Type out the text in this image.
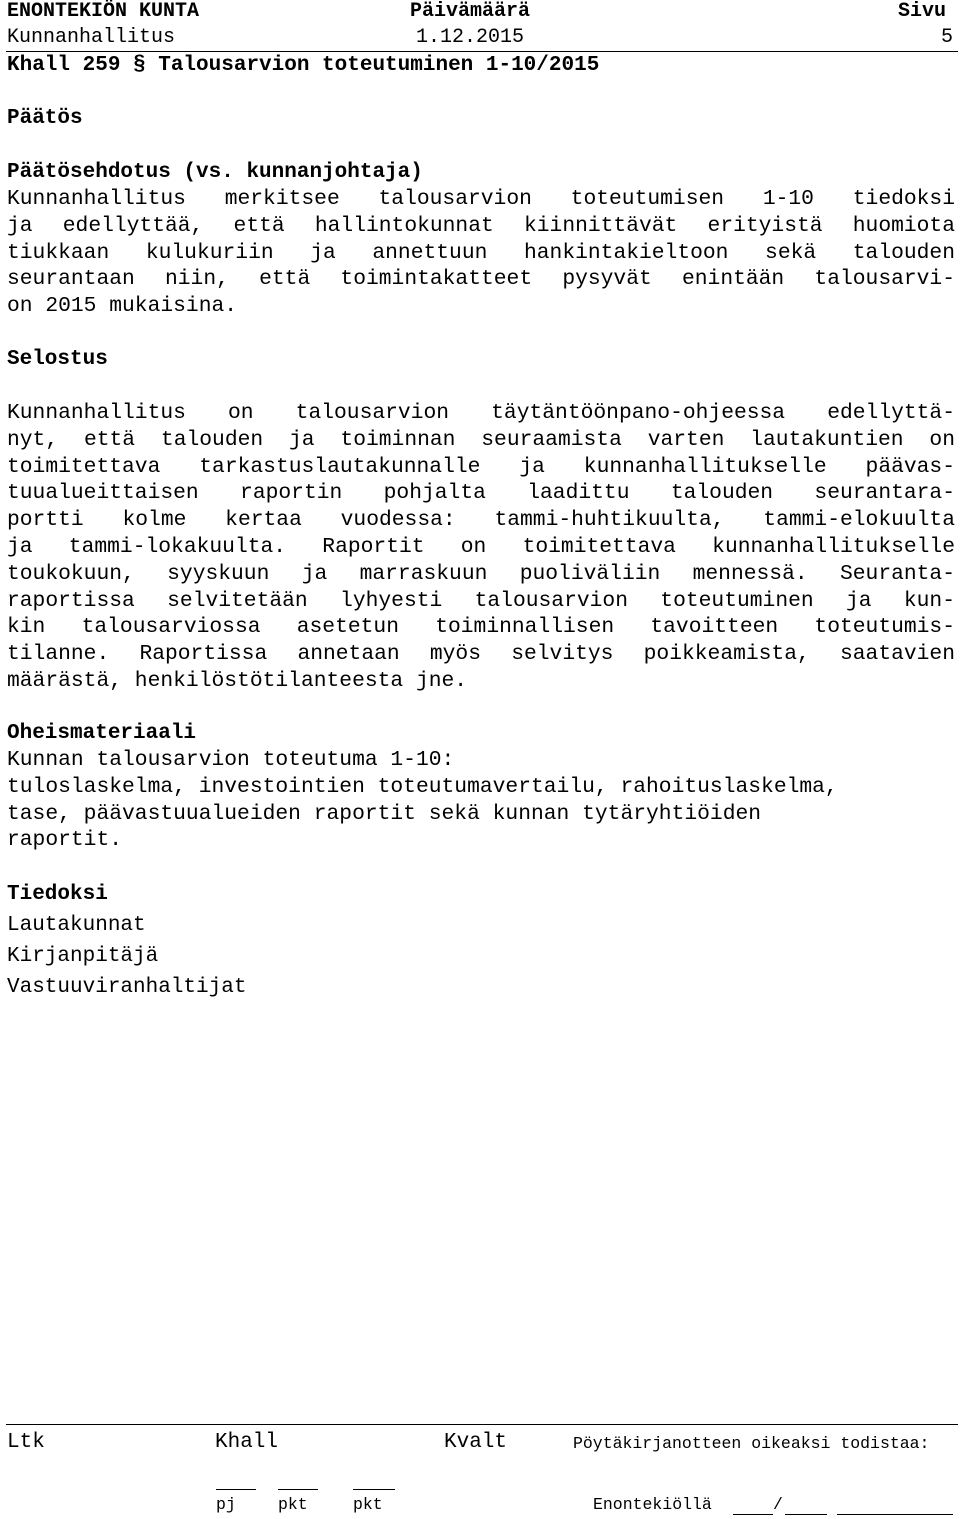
ENONTEKIÖN KUNTA	Päivämäärä	Sivu
Kunnanhallitus	1.12.2015	5
Khall 259 § Talousarvion toteutuminen 1-10/2015
Päätös
Päätösehdotus (vs. kunnanjohtaja)
Kunnanhallitus merkitsee talousarvion toteutumisen 1-10 tiedoksi
ja edellyttää, että hallintokunnat kiinnittävät erityistä huomiota
tiukkaan kulukuriin ja annettuun hankintakieltoon sekä talouden
seurantaan niin, että toimintakatteet pysyvät enintään talousarvi-
on 2015 mukaisina.
Selostus
Kunnanhallitus on talousarvion täytäntöönpano-ohjeessa edellyttä-
nyt, että talouden ja toiminnan seuraamista varten lautakuntien on
toimitettava tarkastuslautakunnalle ja kunnanhallitukselle päävas-
tuualueittaisen raportin pohjalta laadittu talouden seurantara-
portti kolme kertaa vuodessa: tammi-huhtikuulta, tammi-elokuulta
ja tammi-lokakuulta. Raportit on toimitettava kunnanhallitukselle
toukokuun, syyskuun ja marraskuun puoliväliin mennessä. Seuranta-
raportissa selvitetään lyhyesti talousarvion toteutuminen ja kun-
kin talousarviossa asetetun toiminnallisen tavoitteen toteutumis-
tilanne. Raportissa annetaan myös selvitys poikkeamista, saatavien
määrästä, henkilöstötilanteesta jne.
Oheismateriaali
Kunnan talousarvion toteutuma 1-10:
tuloslaskelma, investointien toteutumavertailu, rahoituslaskelma,
tase, päävastuualueiden raportit sekä kunnan tytäryhtiöiden
raportit.
Tiedoksi
Lautakunnat
Kirjanpitäjä
Vastuuviranhaltijat
Ltk	Khall	Kvalt	Pöytäkirjanotteen oikeaksi todistaa:
pj	pkt	pkt	Enontekiöllä	/
